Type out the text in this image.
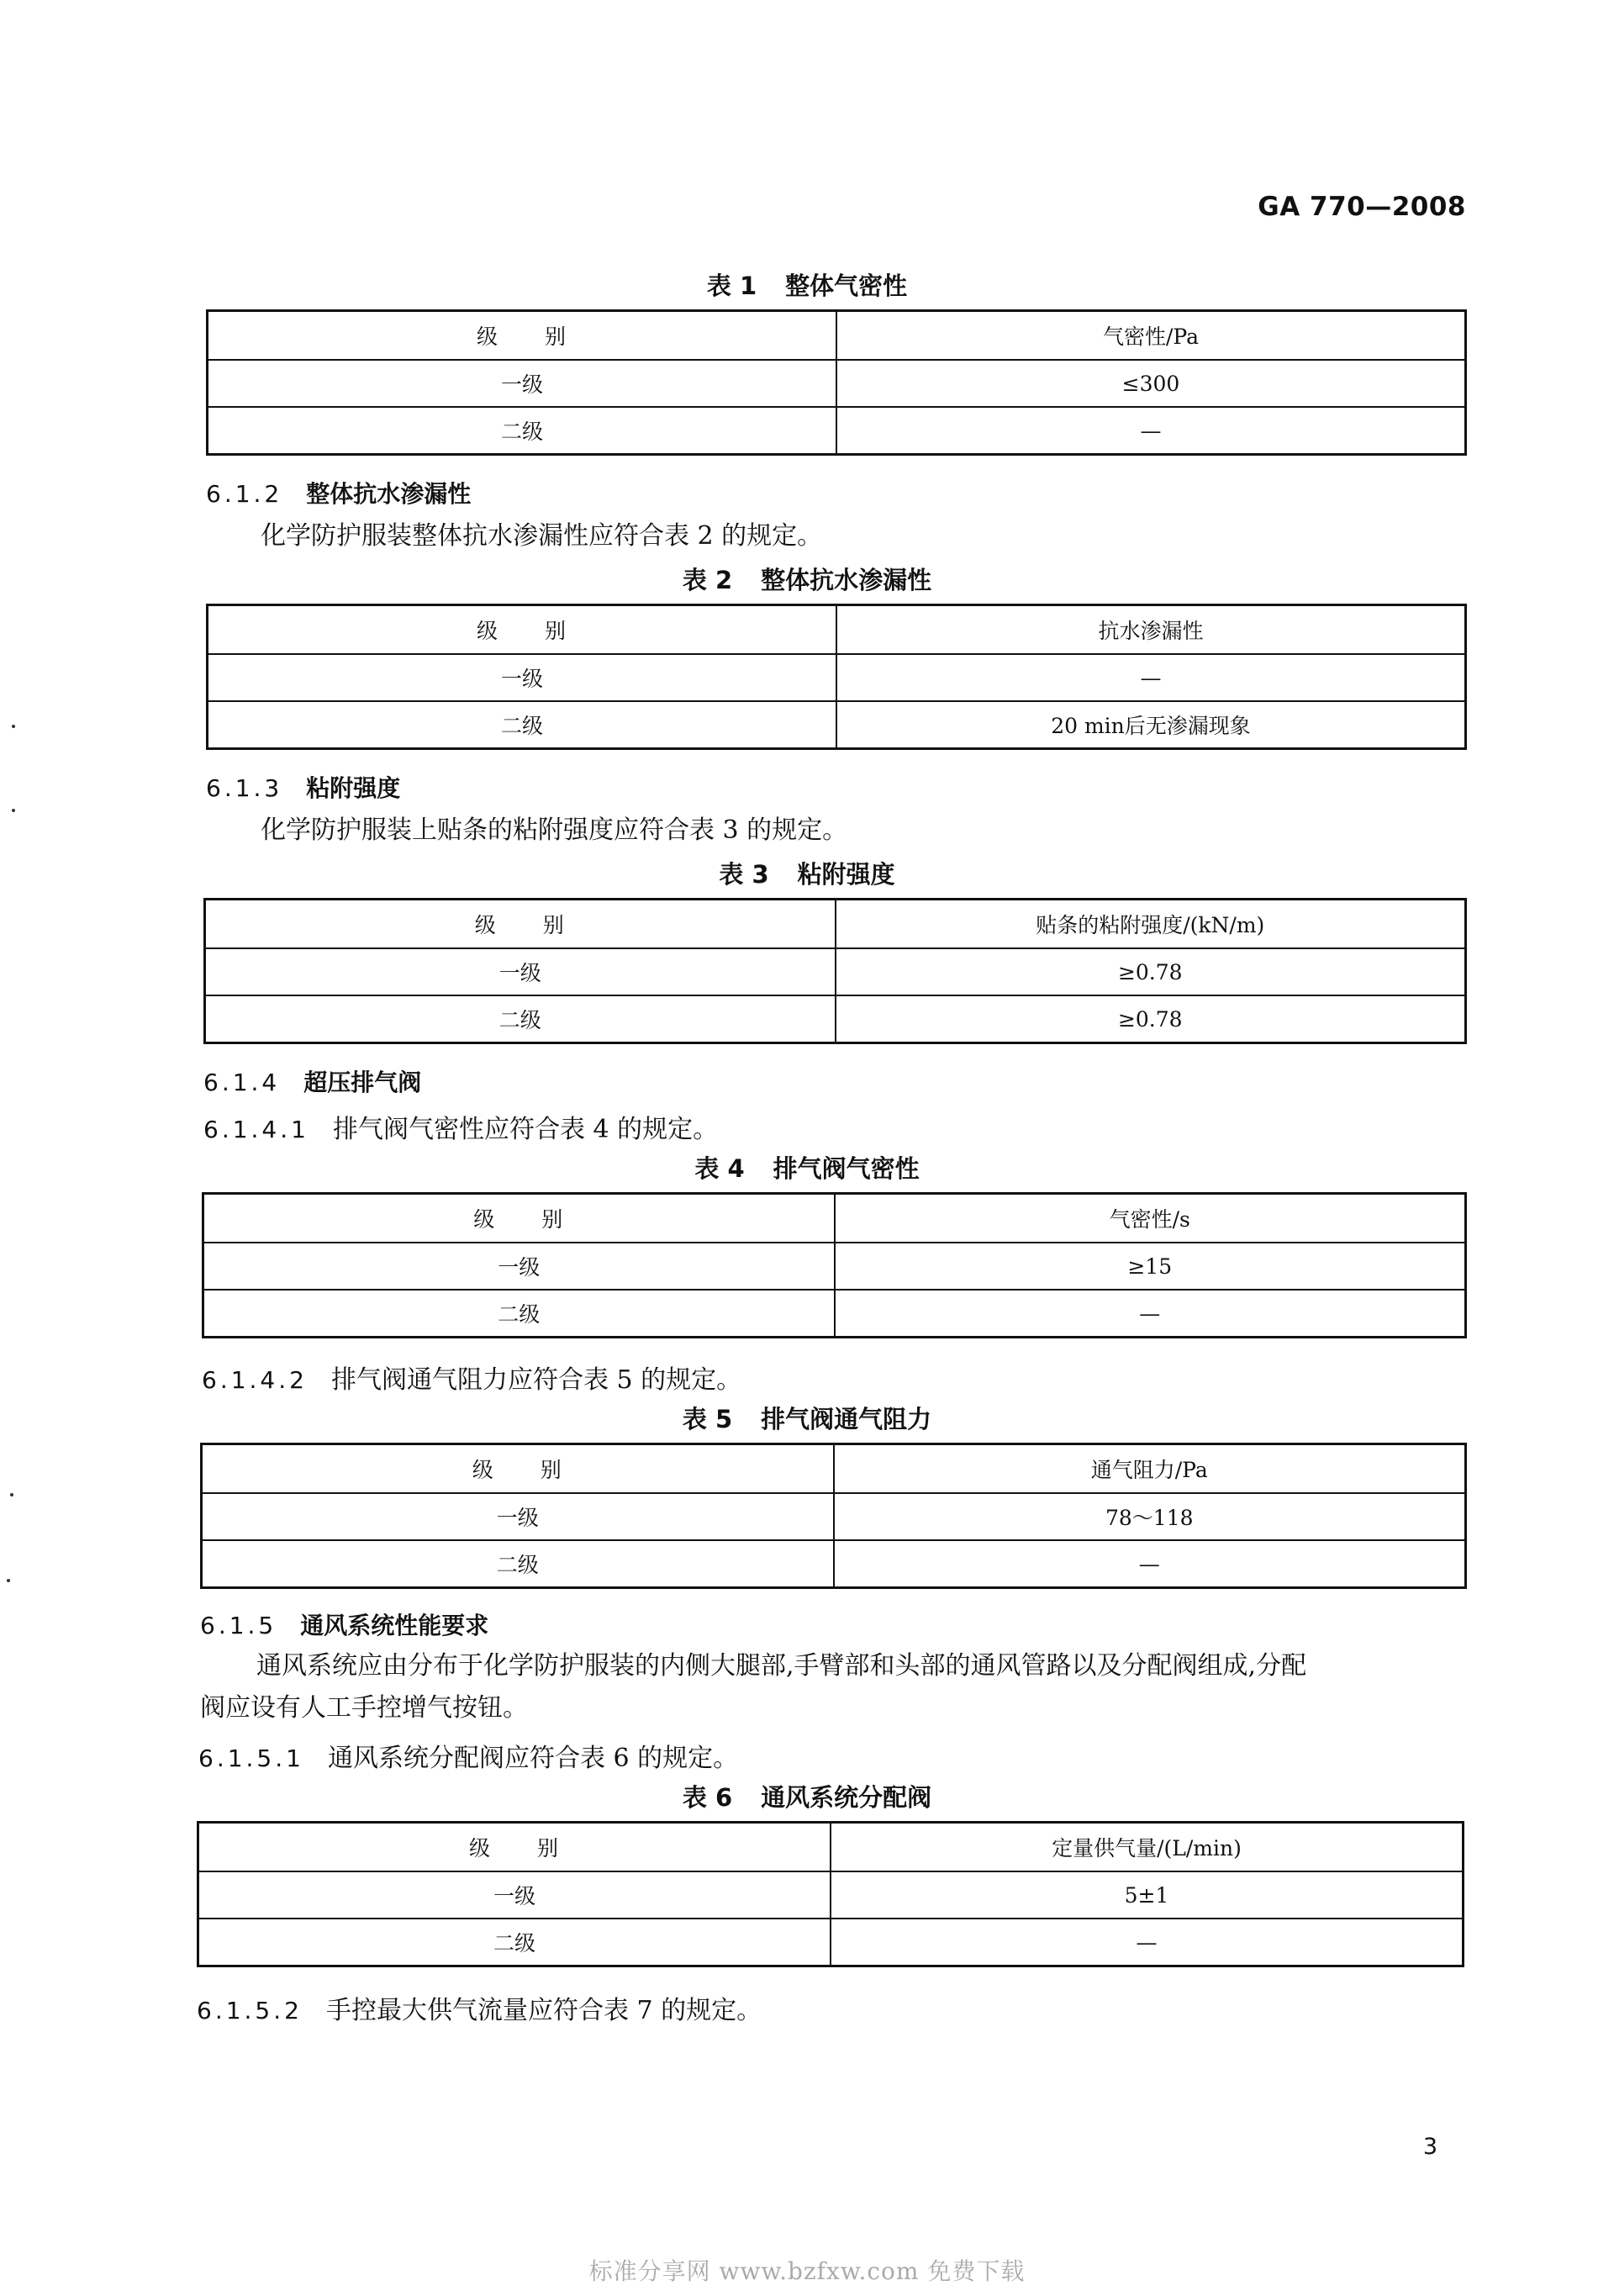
GA 770—2008
表 1 整体气密性
级　　别	气密性/Pa
一级	≤300
二级	—
6.1.2 整体抗水渗漏性
化学防护服装整体抗水渗漏性应符合表 2 的规定。
表 2 整体抗水渗漏性
级　　别	抗水渗漏性
一级	—
二级	20 min后无渗漏现象
6.1.3 粘附强度
化学防护服装上贴条的粘附强度应符合表 3 的规定。
表 3 粘附强度
级　　别	贴条的粘附强度/(kN/m)
一级	≥0.78
二级	≥0.78
6.1.4 超压排气阀
6.1.4.1 排气阀气密性应符合表 4 的规定。
表 4 排气阀气密性
级　　别	气密性/s
一级	≥15
二级	—
6.1.4.2 排气阀通气阻力应符合表 5 的规定。
表 5 排气阀通气阻力
级　　别	通气阻力/Pa
一级	78～118
二级	—
6.1.5 通风系统性能要求
通风系统应由分布于化学防护服装的内侧大腿部,手臂部和头部的通风管路以及分配阀组成,分配
阀应设有人工手控增气按钮。
6.1.5.1 通风系统分配阀应符合表 6 的规定。
表 6 通风系统分配阀
级　　别	定量供气量/(L/min)
一级	5±1
二级	—
6.1.5.2 手控最大供气流量应符合表 7 的规定。
3
标准分享网 www.bzfxw.com 免费下载
